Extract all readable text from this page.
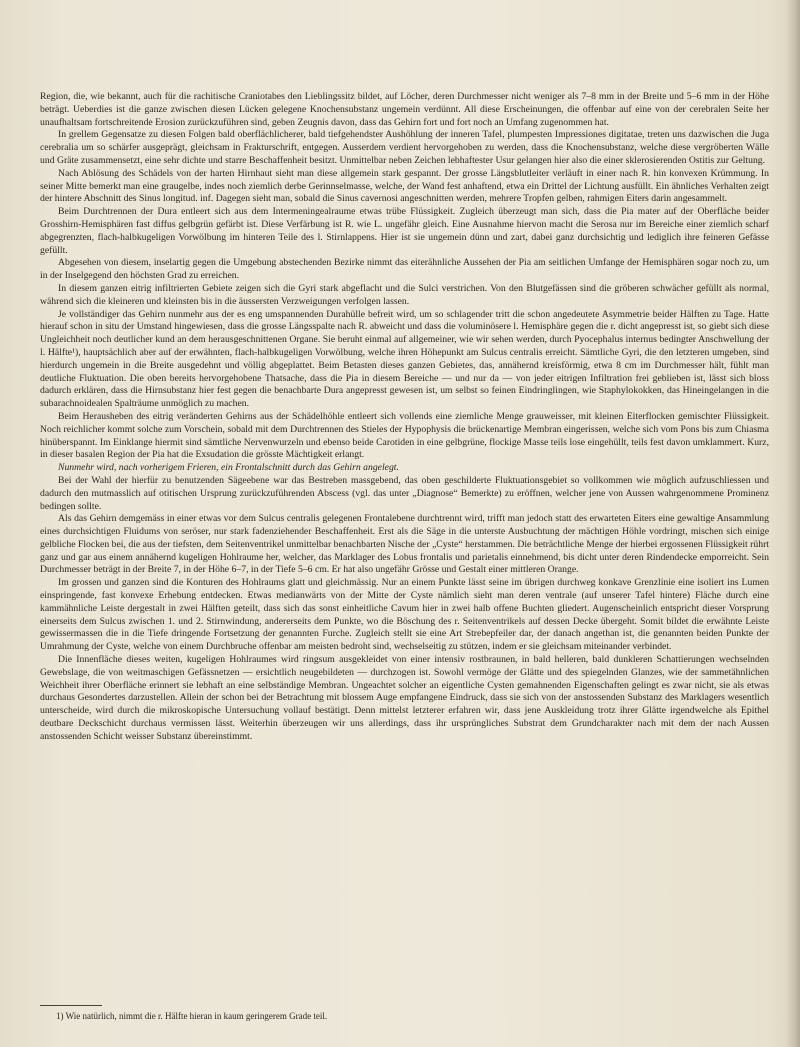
Region, die, wie bekannt, auch für die rachitische Craniotabes den Lieblingssitz bildet, auf Löcher, deren Durchmesser nicht weniger als 7–8 mm in der Breite und 5–6 mm in der Höhe beträgt. Ueberdies ist die ganze zwischen diesen Lücken gelegene Knochensubstanz ungemein verdünnt. All diese Erscheinungen, die offenbar auf eine von der cerebralen Seite her unaufhaltsam fortschreitende Erosion zurückzuführen sind, geben Zeugnis davon, dass das Gehirn fort und fort noch an Umfang zugenommen hat.

In grellem Gegensatze zu diesen Folgen bald oberflächlicherer, bald tiefgehendster Aushöhlung der inneren Tafel, plumpesten Impressiones digitatae, treten uns dazwischen die Juga cerebralia um so schärfer ausgeprägt, gleichsam in Frakturschrift, entgegen. Ausserdem verdient hervorgehoben zu werden, dass die Knochensubstanz, welche diese vergröberten Wälle und Gräte zusammensetzt, eine sehr dichte und starre Beschaffenheit besitzt. Unmittelbar neben Zeichen lebhaftester Usur gelangen hier also die einer sklerosierenden Ostitis zur Geltung.

Nach Ablösung des Schädels von der harten Hirnhaut sieht man diese allgemein stark gespannt. Der grosse Längsblutleiter verläuft in einer nach R. hin konvexen Krümmung. In seiner Mitte bemerkt man eine graugelbe, indes noch ziemlich derbe Gerinnselmasse, welche, der Wand fest anhaftend, etwa ein Drittel der Lichtung ausfüllt. Ein ähnliches Verhalten zeigt der hintere Abschnitt des Sinus longitud. inf. Dagegen sieht man, sobald die Sinus cavernosi angeschnitten werden, mehrere Tropfen gelben, rahmigen Eiters darin angesammelt.

Beim Durchtrennen der Dura entleert sich aus dem Intermeningealraume etwas trübe Flüssigkeit. Zugleich überzeugt man sich, dass die Pia mater auf der Oberfläche beider Grosshirn-Hemisphären fast diffus gelbgrün gefärbt ist. Diese Verfärbung ist R. wie L. ungefähr gleich. Eine Ausnahme hiervon macht die Serosa nur im Bereiche einer ziemlich scharf abgegrenzten, flach-halbkugeligen Vorwölbung im hinteren Teile des l. Stirnlappens. Hier ist sie ungemein dünn und zart, dabei ganz durchsichtig und lediglich ihre feineren Gefässe gefüllt.

Abgesehen von diesem, inselartig gegen die Umgebung abstechenden Bezirke nimmt das eiterähnliche Aussehen der Pia am seitlichen Umfange der Hemisphären sogar noch zu, um in der Inselgegend den höchsten Grad zu erreichen.

In diesem ganzen eitrig infiltrierten Gebiete zeigen sich die Gyri stark abgeflacht und die Sulci verstrichen. Von den Blutgefässen sind die gröberen schwächer gefüllt als normal, während sich die kleineren und kleinsten bis in die äussersten Verzweigungen verfolgen lassen.

Je vollständiger das Gehirn nunmehr aus der es eng umspannenden Durahülle befreit wird, um so schlagender tritt die schon angedeutete Asymmetrie beider Hälften zu Tage. Hatte hierauf schon in situ der Umstand hingewiesen, dass die grosse Längsspalte nach R. abweicht und dass die voluminösere l. Hemisphäre gegen die r. dicht angepresst ist, so giebt sich diese Ungleichheit noch deutlicher kund an dem herausgeschnittenen Organe. Sie beruht einmal auf allgemeiner, wie wir sehen werden, durch Pyocephalus internus bedingter Anschwellung der l. Hälfte¹), hauptsächlich aber auf der erwähnten, flach-halbkugeligen Vorwölbung, welche ihren Höhepunkt am Sulcus centralis erreicht. Sämtliche Gyri, die den letzteren umgeben, sind hierdurch ungemein in die Breite ausgedehnt und völlig abgeplattet. Beim Betasten dieses ganzen Gebietes, das, annähernd kreisförmig, etwa 8 cm im Durchmesser hält, fühlt man deutliche Fluktuation. Die oben bereits hervorgehobene Thatsache, dass die Pia in diesem Bereiche — und nur da — von jeder eitrigen Infiltration frei geblieben ist, lässt sich bloss dadurch erklären, dass die Hirnsubstanz hier fest gegen die benachbarte Dura angepresst gewesen ist, um selbst so feinen Eindringlingen, wie Staphylokokken, das Hineingelangen in die subarachnoidealen Spalträume unmöglich zu machen.

Beim Herausheben des eitrig veränderten Gehirns aus der Schädelhöhle entleert sich vollends eine ziemliche Menge grauweisser, mit kleinen Eiterflocken gemischter Flüssigkeit. Noch reichlicher kommt solche zum Vorschein, sobald mit dem Durchtrennen des Stieles der Hypophysis die brückenartige Membran eingerissen, welche sich vom Pons bis zum Chiasma hinüberspannt. Im Einklange hiermit sind sämtliche Nervenwurzeln und ebenso beide Carotiden in eine gelbgrüne, flockige Masse teils lose eingehüllt, teils fest davon umklammert. Kurz, in dieser basalen Region der Pia hat die Exsudation die grösste Mächtigkeit erlangt.

Nunmehr wird, nach vorherigem Frieren, ein Frontalschnitt durch das Gehirn angelegt.

Bei der Wahl der hierfür zu benutzenden Sägeebene war das Bestreben massgebend, das oben geschilderte Fluktuationsgebiet so vollkommen wie möglich aufzuschliessen und dadurch den mutmasslich auf otitischen Ursprung zurückzuführenden Abscess (vgl. das unter „Diagnose“ Bemerkte) zu eröffnen, welcher jene von Aussen wahrgenommene Prominenz bedingen sollte.

Als das Gehirn demgemäss in einer etwas vor dem Sulcus centralis gelegenen Frontalebene durchtrennt wird, trifft man jedoch statt des erwarteten Eiters eine gewaltige Ansammlung eines durchsichtigen Fluidums von seröser, nur stark fadenziehender Beschaffenheit. Erst als die Säge in die unterste Ausbuchtung der mächtigen Höhle vordringt, mischen sich einige gelbliche Flocken bei, die aus der tiefsten, dem Seitenventrikel unmittelbar benachbarten Nische der „Cyste“ herstammen. Die beträchtliche Menge der hierbei ergossenen Flüssigkeit rührt ganz und gar aus einem annähernd kugeligen Hohlraume her, welcher, das Marklager des Lobus frontalis und parietalis einnehmend, bis dicht unter deren Rindendecke emporreicht. Sein Durchmesser beträgt in der Breite 7, in der Höhe 6–7, in der Tiefe 5–6 cm. Er hat also ungefähr Grösse und Gestalt einer mittleren Orange.

Im grossen und ganzen sind die Konturen des Hohlraums glatt und gleichmässig. Nur an einem Punkte lässt seine im übrigen durchweg konkave Grenzlinie eine isoliert ins Lumen einspringende, fast konvexe Erhebung entdecken. Etwas medianwärts von der Mitte der Cyste nämlich sieht man deren ventrale (auf unserer Tafel hintere) Fläche durch eine kammähnliche Leiste dergestalt in zwei Hälften geteilt, dass sich das sonst einheitliche Cavum hier in zwei halb offene Buchten gliedert. Augenscheinlich entspricht dieser Vorsprung einerseits dem Sulcus zwischen 1. und 2. Stirnwindung, andererseits dem Punkte, wo die Böschung des r. Seitenventrikels auf dessen Decke übergeht. Somit bildet die erwähnte Leiste gewissermassen die in die Tiefe dringende Fortsetzung der genannten Furche. Zugleich stellt sie eine Art Strebepfeiler dar, der danach angethan ist, die genannten beiden Punkte der Umrahmung der Cyste, welche von einem Durchbruche offenbar am meisten bedroht sind, wechselseitig zu stützen, indem er sie gleichsam miteinander verbindet.

Die Innenfläche dieses weiten, kugeligen Hohlraumes wird ringsum ausgekleidet von einer intensiv rostbraunen, in bald helleren, bald dunkleren Schattierungen wechselnden Gewebslage, die von weitmaschigen Gefässnetzen — ersichtlich neugebildeten — durchzogen ist. Sowohl vermöge der Glätte und des spiegelnden Glanzes, wie der sammetähnlichen Weichheit ihrer Oberfläche erinnert sie lebhaft an eine selbständige Membran. Ungeachtet solcher an eigentliche Cysten gemahnenden Eigenschaften gelingt es zwar nicht, sie als etwas durchaus Gesondertes darzustellen. Allein der schon bei der Betrachtung mit blossem Auge empfangene Eindruck, dass sie sich von der anstossenden Substanz des Marklagers wesentlich unterscheide, wird durch die mikroskopische Untersuchung vollauf bestätigt. Denn mittelst letzterer erfahren wir, dass jene Auskleidung trotz ihrer Glätte irgendwelche als Epithel deutbare Deckschicht durchaus vermissen lässt. Weiterhin überzeugen wir uns allerdings, dass ihr ursprüngliches Substrat dem Grundcharakter nach mit dem der nach Aussen anstossenden Schicht weisser Substanz übereinstimmt.

1) Wie natürlich, nimmt die r. Hälfte hieran in kaum geringerem Grade teil.
